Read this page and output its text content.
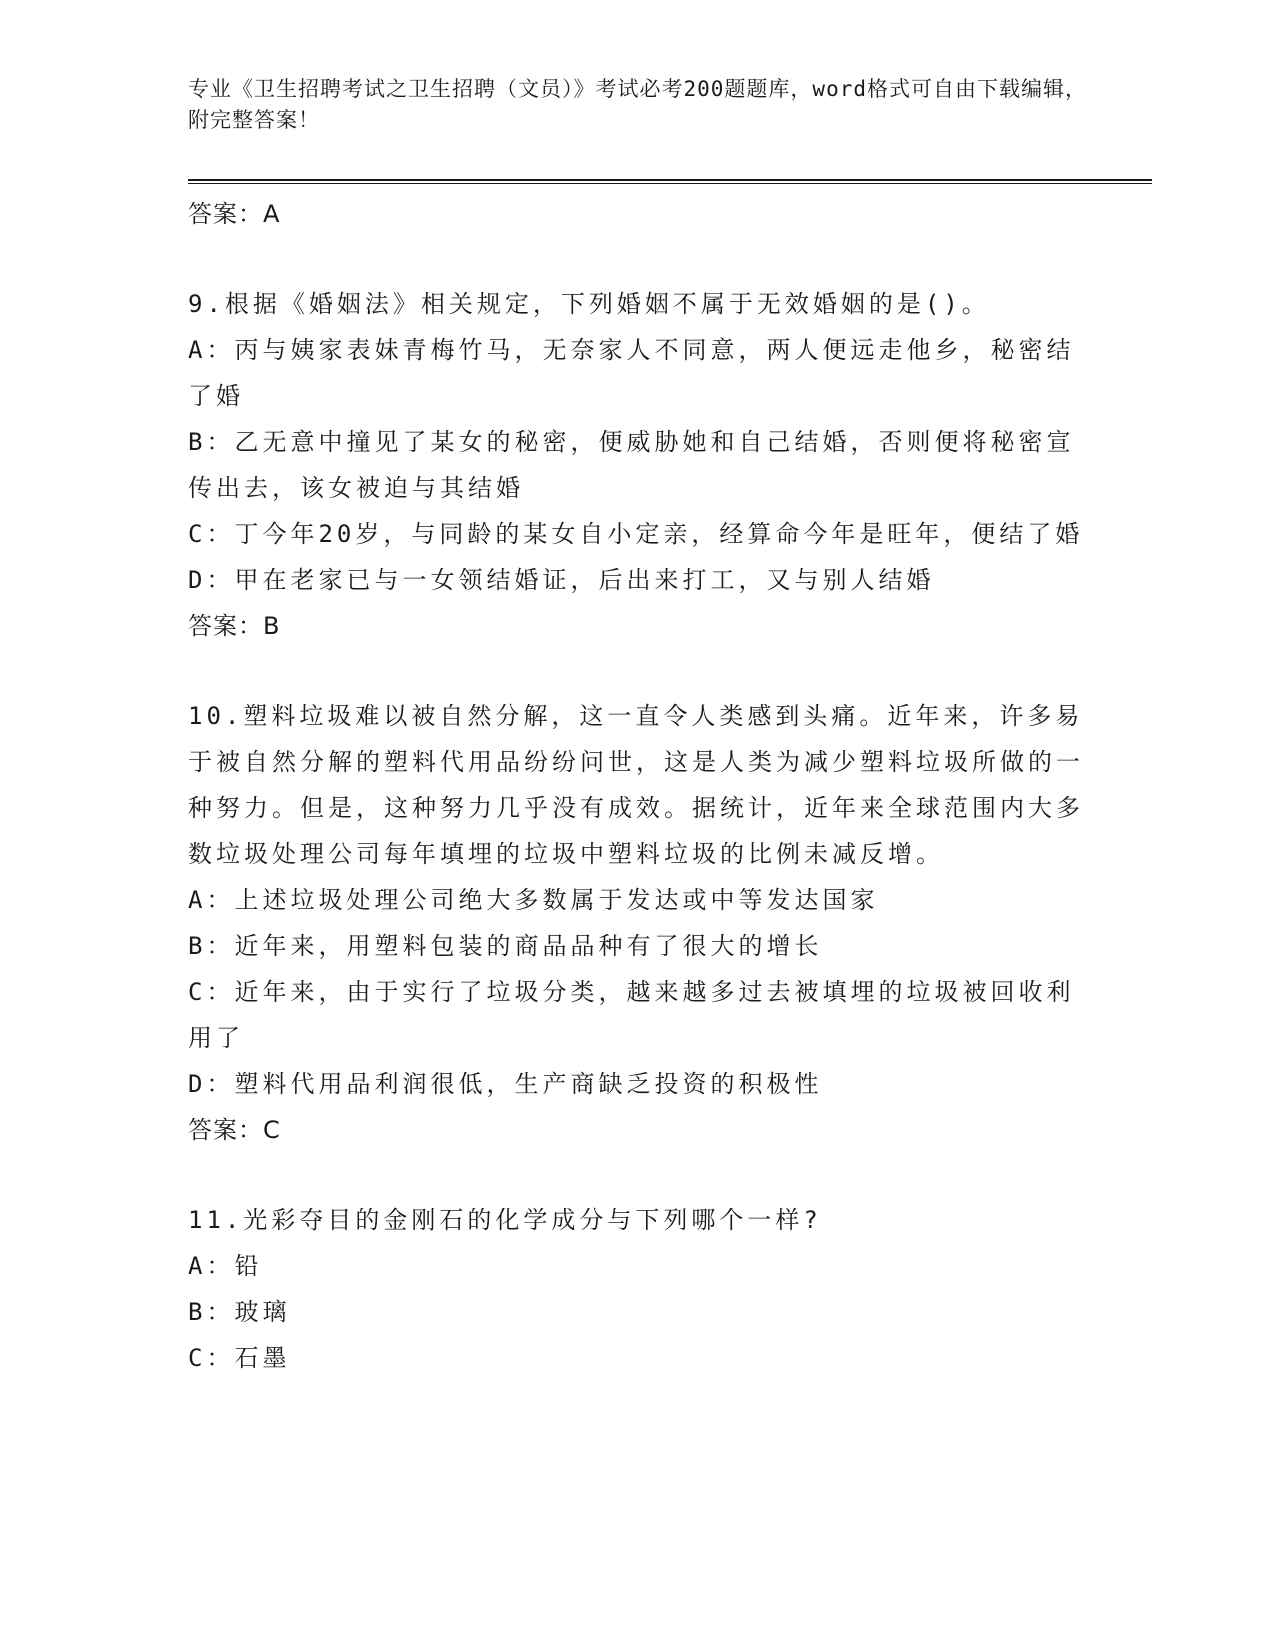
专业《卫生招聘考试之卫生招聘（文员）》考试必考200题题库，word格式可自由下载编辑，附完整答案！

答案：A

9.根据《婚姻法》相关规定，下列婚姻不属于无效婚姻的是()。

A：丙与姨家表妹青梅竹马，无奈家人不同意，两人便远走他乡，秘密结了婚

B：乙无意中撞见了某女的秘密，便威胁她和自己结婚，否则便将秘密宣传出去，该女被迫与其结婚

C：丁今年20岁，与同龄的某女自小定亲，经算命今年是旺年，便结了婚

D：甲在老家已与一女领结婚证，后出来打工，又与别人结婚

答案：B

10.塑料垃圾难以被自然分解，这一直令人类感到头痛。近年来，许多易于被自然分解的塑料代用品纷纷问世，这是人类为减少塑料垃圾所做的一种努力。但是，这种努力几乎没有成效。据统计，近年来全球范围内大多数垃圾处理公司每年填埋的垃圾中塑料垃圾的比例未减反增。

A：上述垃圾处理公司绝大多数属于发达或中等发达国家

B：近年来，用塑料包装的商品品种有了很大的增长

C：近年来，由于实行了垃圾分类，越来越多过去被填埋的垃圾被回收利用了

D：塑料代用品利润很低，生产商缺乏投资的积极性

答案：C

11.光彩夺目的金刚石的化学成分与下列哪个一样?

A：铅

B：玻璃

C：石墨
